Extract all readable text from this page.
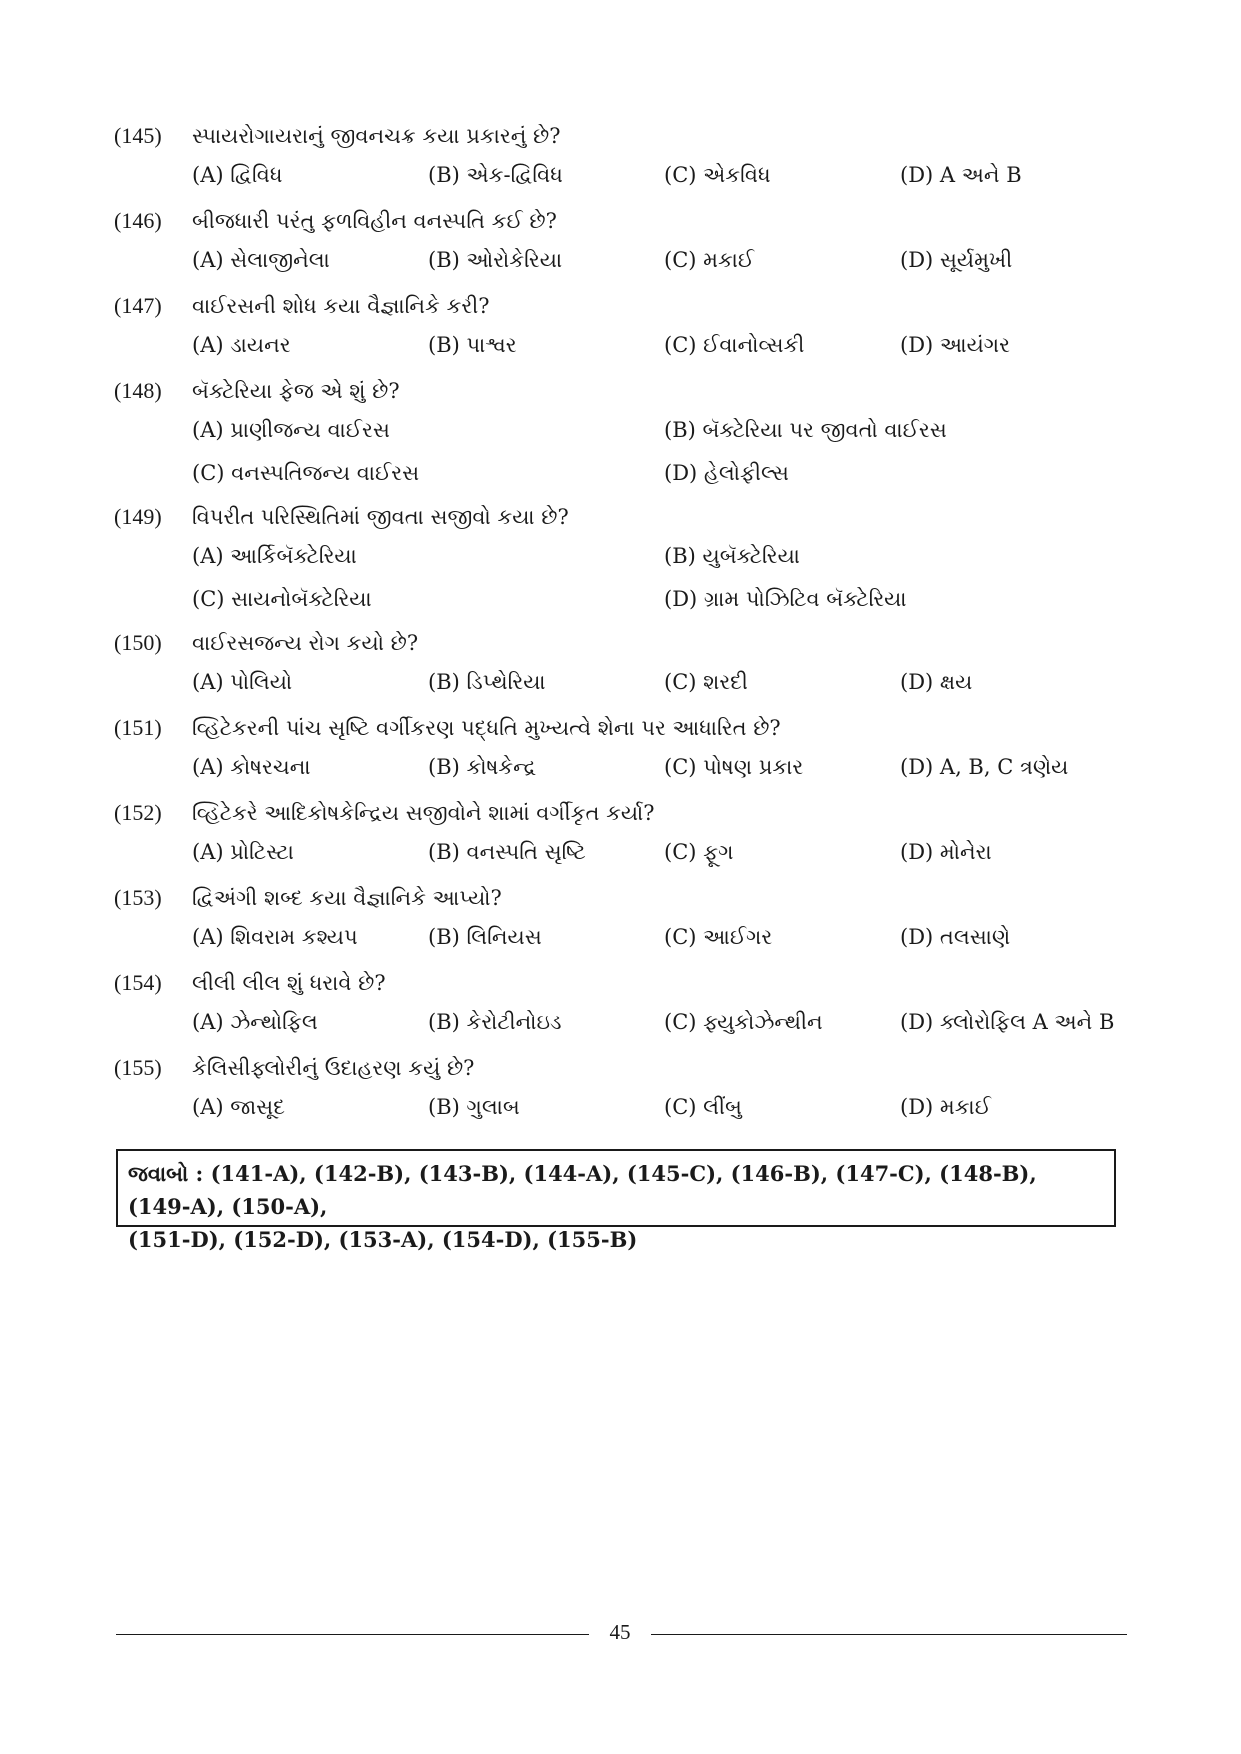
(145)	સ્પાયરોગાયરાનું જીવનચક્ર કયા પ્રકારનું છે?
(A) દ્વિવિધ	(B) એક-દ્વિવિધ	(C) એકવિધ	(D) A અને B
(146)	બીજધારી પરંતુ ફળવિહીન વનસ્પતિ કઈ છે?
(A) સેલાજીનેલા	(B) ઓરોકેરિયા	(C) મકાઈ	(D) સૂર્યમુખી
(147)	વાઈરસની શોધ કયા વૈજ્ઞાનિકે કરી?
(A) ડાયનર	(B) પાશ્વર	(C) ઈવાનોવ્સકી	(D) આયંગર
(148)	બૅક્ટેરિયા ફેજ એ શું છે?
(A) પ્રાણીજન્ય વાઈરસ	(B) બૅક્ટેરિયા પર જીવતો વાઈરસ
(C) વનસ્પતિજન્ય વાઈરસ	(D) હેલોફીલ્સ
(149)	વિપરીત પરિસ્થિતિમાં જીવતા સજીવો કયા છે?
(A) આર્કિબૅક્ટેરિયા	(B) યુબૅક્ટેરિયા
(C) સાયનોબૅક્ટેરિયા	(D) ગ્રામ પોઝિટિવ બૅક્ટેરિયા
(150)	વાઈરસજન્ય રોગ કયો છે?
(A) પોલિયો	(B) ડિપ્થેરિયા	(C) શરદી	(D) ક્ષય
(151)	વ્હિટેકરની પાંચ સૃષ્ટિ વર્ગીકરણ પદ્ધતિ મુખ્યત્વે શેના પર આધારિત છે?
(A) કોષરચના	(B) કોષકેન્દ્ર	(C) પોષણ પ્રકાર	(D) A, B, C ત્રણેય
(152)	વ્હિટેકરે આદિકોષકેન્દ્રિય સજીવોને શામાં વર્ગીકૃત કર્યા?
(A) પ્રોટિસ્ટા	(B) વનસ્પતિ સૃષ્ટિ	(C) ફૂગ	(D) મોનેરા
(153)	દ્વિઅંગી શબ્દ કયા વૈજ્ઞાનિકે આપ્યો?
(A) શિવરામ કશ્યપ	(B) લિનિયસ	(C) આઈગર	(D) તલસાણે
(154)	લીલી લીલ શું ધરાવે છે?
(A) ઝેન્થોફિલ	(B) કેરોટીનોઇડ	(C) ફ્યુકોઝેન્થીન	(D) ક્લોરોફિલ A અને B
(155)	કેલિસીફ્લોરીનું ઉદાહરણ કયું છે?
(A) જાસૂદ	(B) ગુલાબ	(C) લીંબુ	(D) મકાઈ
જવાબો : (141-A), (142-B), (143-B), (144-A), (145-C), (146-B), (147-C), (148-B), (149-A), (150-A),
(151-D), (152-D), (153-A), (154-D), (155-B)
45
